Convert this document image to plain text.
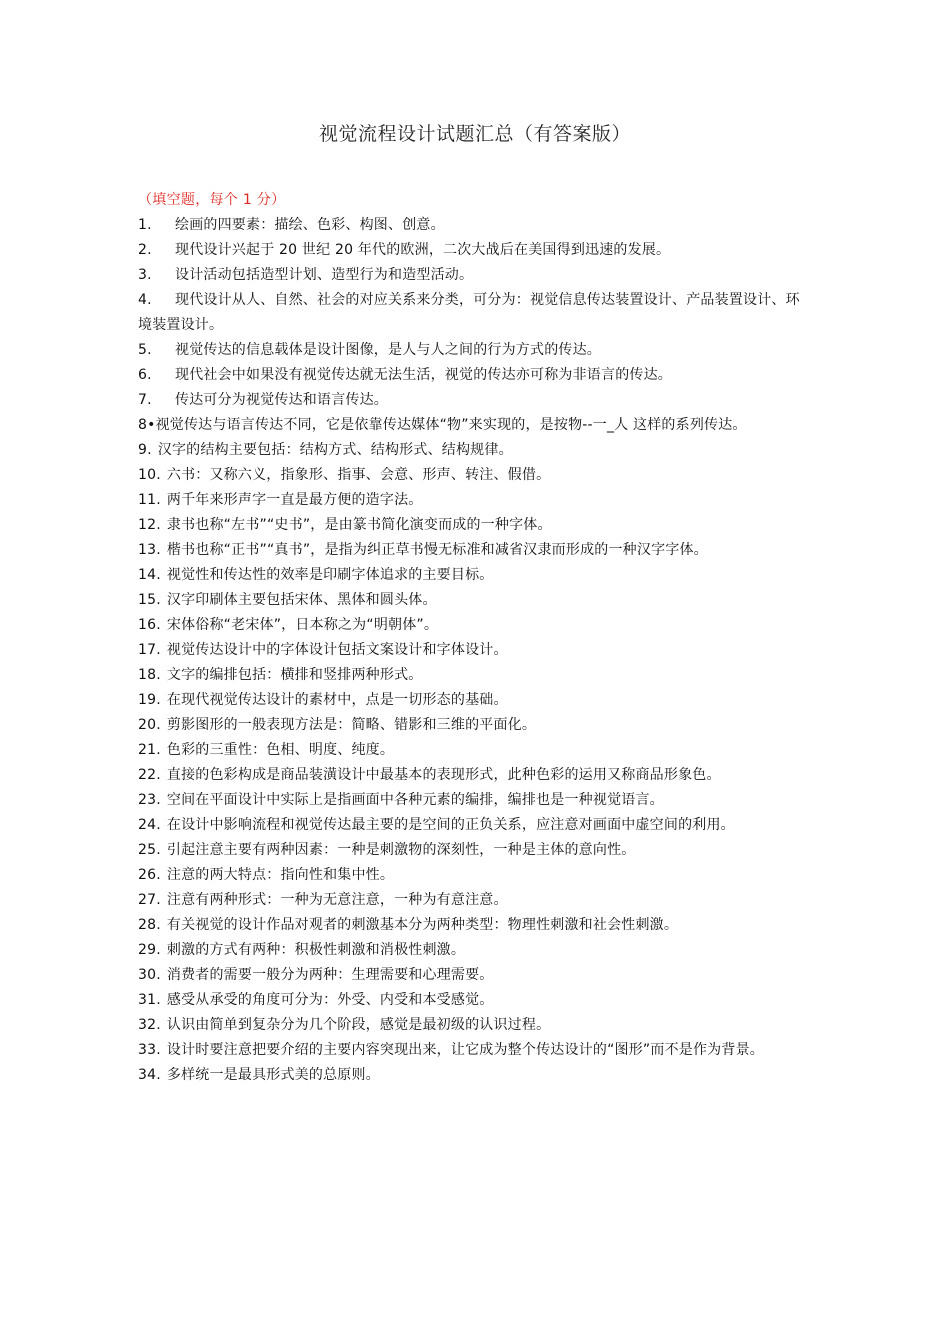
视觉流程设计试题汇总（有答案版）
（填空题，每个 1 分）
1. 绘画的四要素：描绘、色彩、构图、创意。
2. 现代设计兴起于 20 世纪 20 年代的欧洲，二次大战后在美国得到迅速的发展。
3. 设计活动包括造型计划、造型行为和造型活动。
4. 现代设计从人、自然、社会的对应关系来分类，可分为：视觉信息传达装置设计、产品装置设计、环境装置设计。
5. 视觉传达的信息载体是设计图像，是人与人之间的行为方式的传达。
6. 现代社会中如果没有视觉传达就无法生活，视觉的传达亦可称为非语言的传达。
7. 传达可分为视觉传达和语言传达。
8•视觉传达与语言传达不同，它是依靠传达媒体“物”来实现的，是按物--一_人 这样的系列传达。
9. 汉字的结构主要包括：结构方式、结构形式、结构规律。
10. 六书：又称六义，指象形、指事、会意、形声、转注、假借。
11. 两千年来形声字一直是最方便的造字法。
12. 隶书也称“左书”“史书”，是由篆书简化演变而成的一种字体。
13. 楷书也称“正书”“真书”，是指为纠正草书慢无标准和减省汉隶而形成的一种汉字字体。
14. 视觉性和传达性的效率是印刷字体追求的主要目标。
15. 汉字印刷体主要包括宋体、黑体和圆头体。
16. 宋体俗称“老宋体”，日本称之为“明朝体”。
17. 视觉传达设计中的字体设计包括文案设计和字体设计。
18. 文字的编排包括：横排和竖排两种形式。
19. 在现代视觉传达设计的素材中，点是一切形态的基础。
20. 剪影图形的一般表现方法是：简略、错影和三维的平面化。
21. 色彩的三重性：色相、明度、纯度。
22. 直接的色彩构成是商品装潢设计中最基本的表现形式，此种色彩的运用又称商品形象色。
23. 空间在平面设计中实际上是指画面中各种元素的编排，编排也是一种视觉语言。
24. 在设计中影响流程和视觉传达最主要的是空间的正负关系，应注意对画面中虚空间的利用。
25. 引起注意主要有两种因素：一种是刺激物的深刻性，一种是主体的意向性。
26. 注意的两大特点：指向性和集中性。
27. 注意有两种形式：一种为无意注意，一种为有意注意。
28. 有关视觉的设计作品对观者的刺激基本分为两种类型：物理性刺激和社会性刺激。
29. 刺激的方式有两种：积极性刺激和消极性刺激。
30. 消费者的需要一般分为两种：生理需要和心理需要。
31. 感受从承受的角度可分为：外受、内受和本受感觉。
32. 认识由简单到复杂分为几个阶段，感觉是最初级的认识过程。
33. 设计时要注意把要介绍的主要内容突现出来，让它成为整个传达设计的“图形”而不是作为背景。
34. 多样统一是最具形式美的总原则。
